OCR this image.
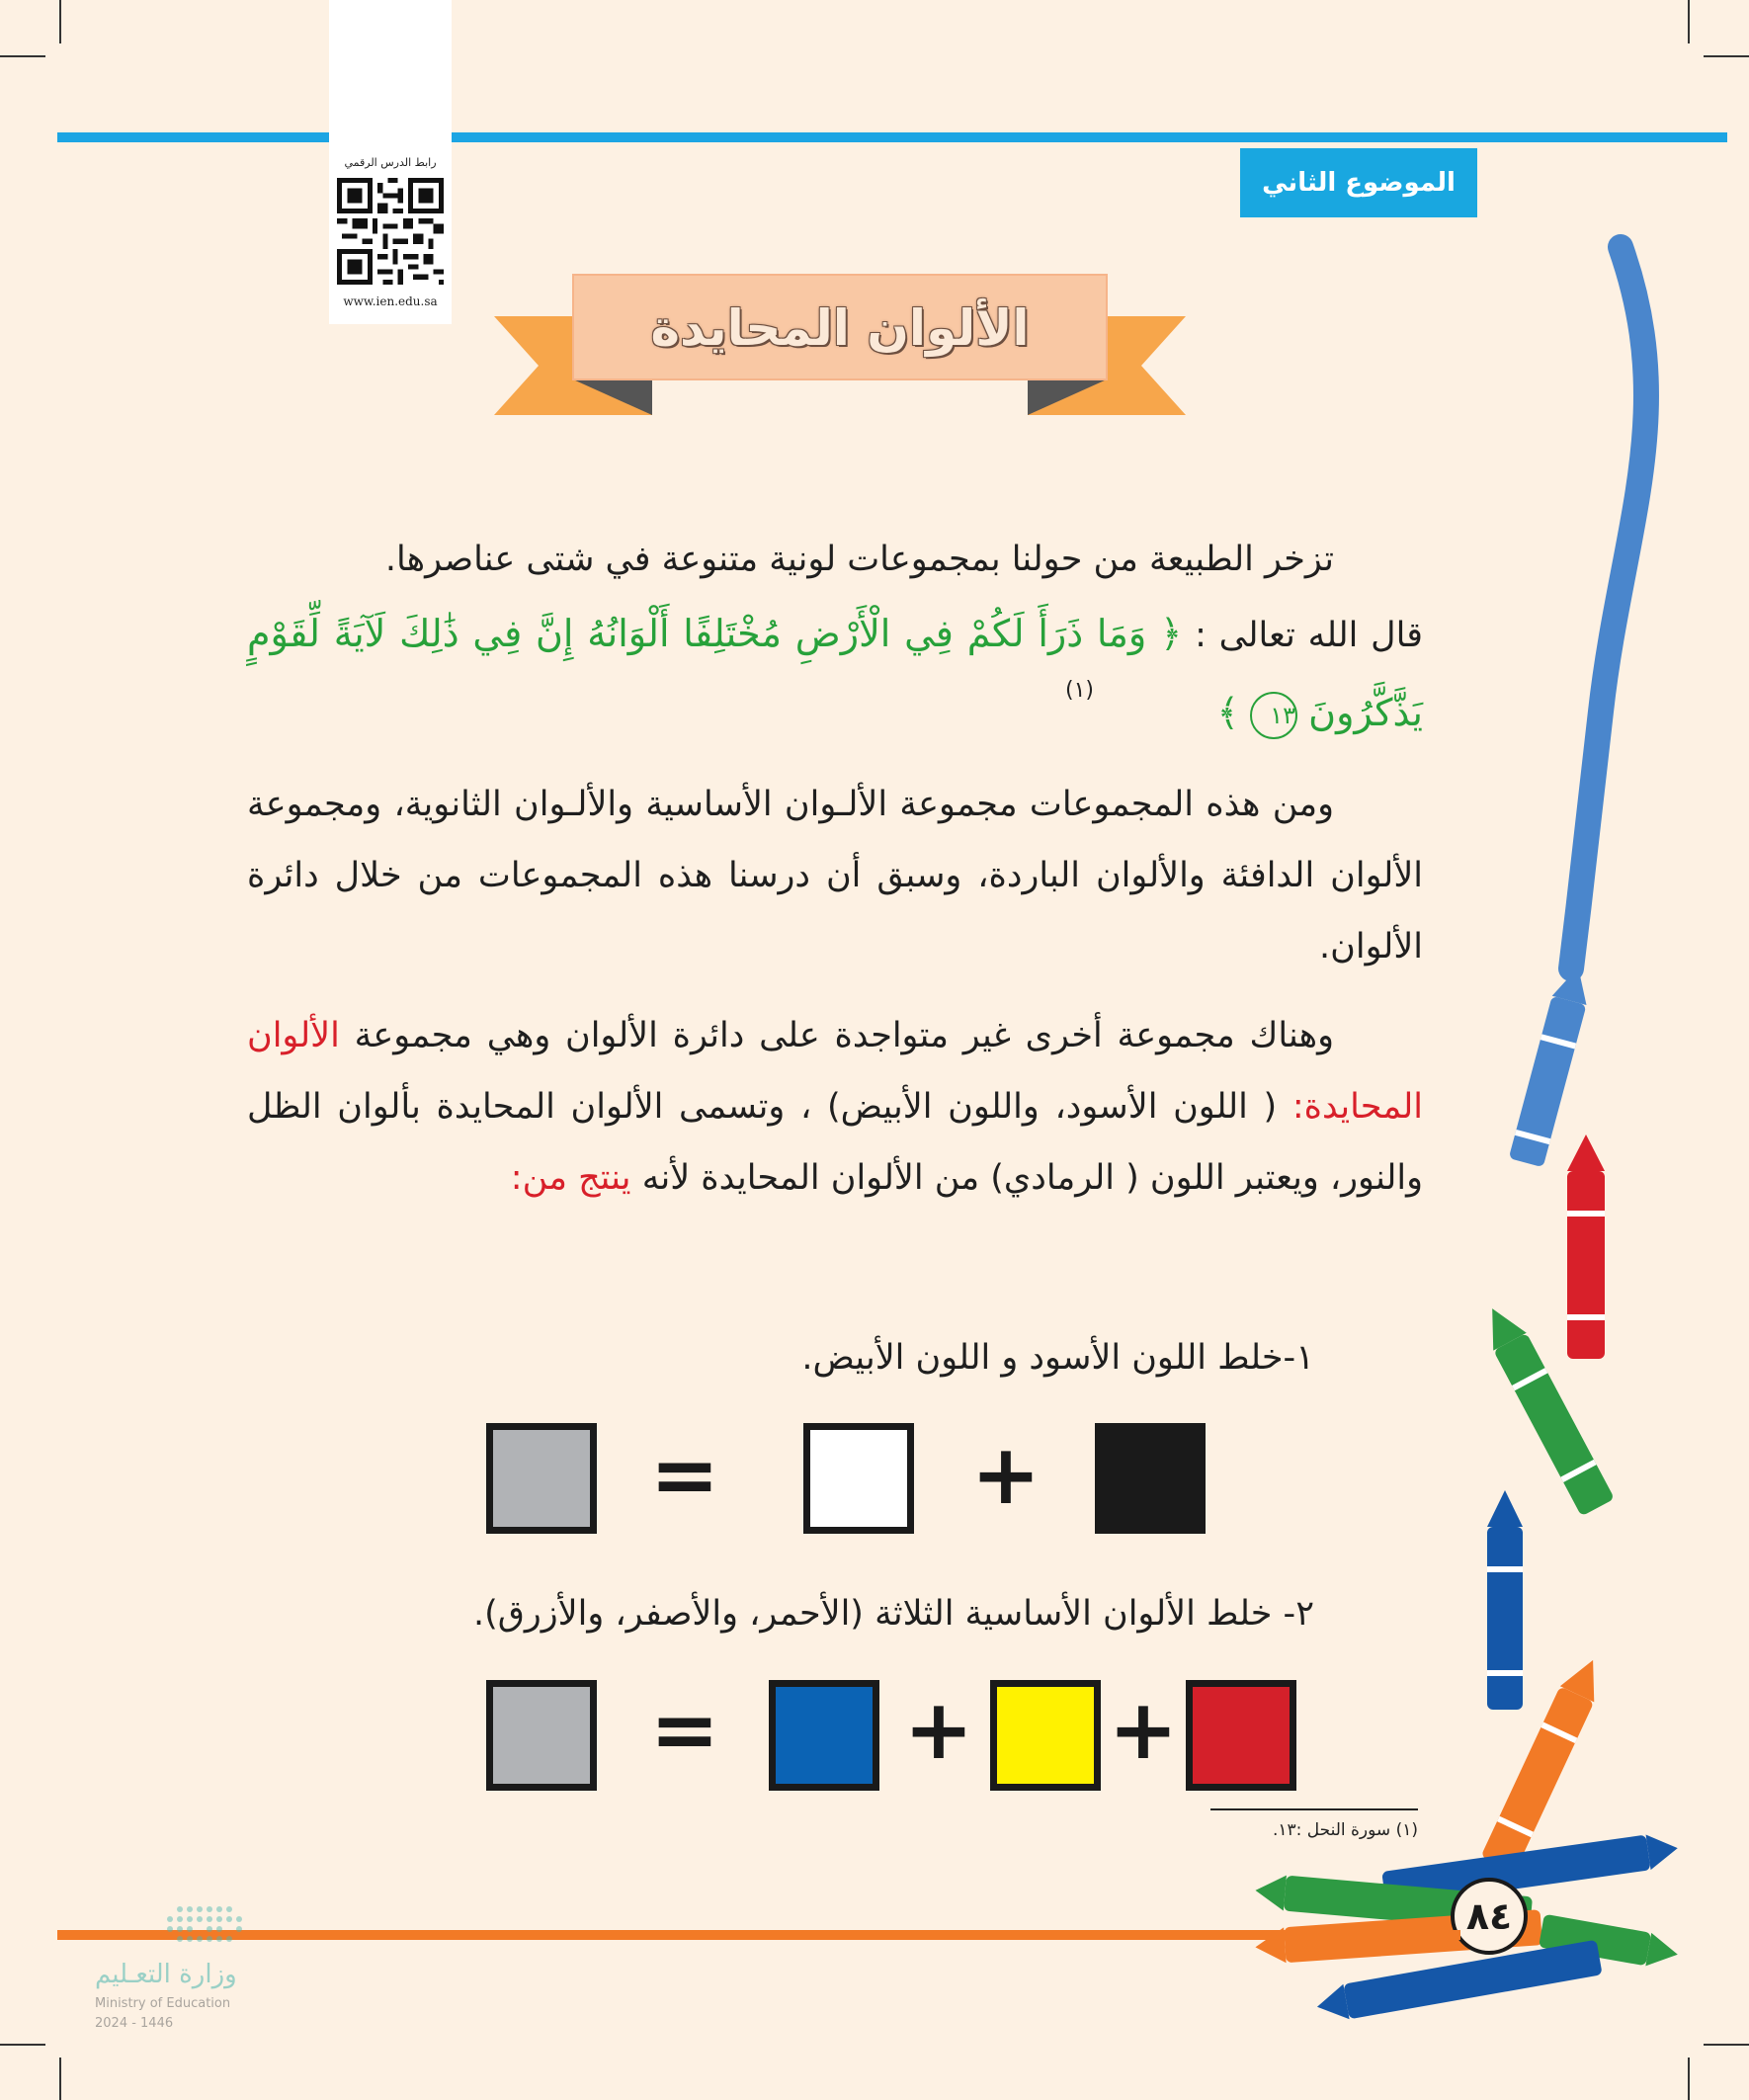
الموضوع الثاني
رابط الدرس الرقمي
www.ien.edu.sa	الألوان المحايدة
تزخر الطبيعة من حولنا بمجموعات لونية متنوعة في شتى عناصرها.
قال الله تعالى : ﴿ وَمَا ذَرَأَ لَكُمْ فِي الْأَرْضِ مُخْتَلِفًا أَلْوَانُهُ إِنَّ فِي ذَٰلِكَ لَآيَةً لِّقَوْمٍ يَذَّكَّرُونَ ١٣ ﴾
(١)
ومن هذه المجموعات مجموعة الألـوان الأساسية والألـوان الثانوية، ومجموعة الألوان الدافئة والألوان الباردة، وسبق أن درسنا هذه المجموعات من خلال دائرة الألوان.
وهناك مجموعة أخرى غير متواجدة على دائرة الألوان وهي مجموعة الألوان المحايدة: ( اللون الأسود، واللون الأبيض) ، وتسمى الألوان المحايدة بألوان الظل والنور، ويعتبر اللون ( الرمادي) من الألوان المحايدة لأنه ينتج من:
١-خلط اللون الأسود و اللون الأبيض.
=	+
٢- خلط الألوان الأساسية الثلاثة (الأحمر، والأصفر، والأزرق).
= + +
(١) سورة النحل :١٣.
٨٤
وزارة التعـليم
Ministry of Education
2024 - 1446
